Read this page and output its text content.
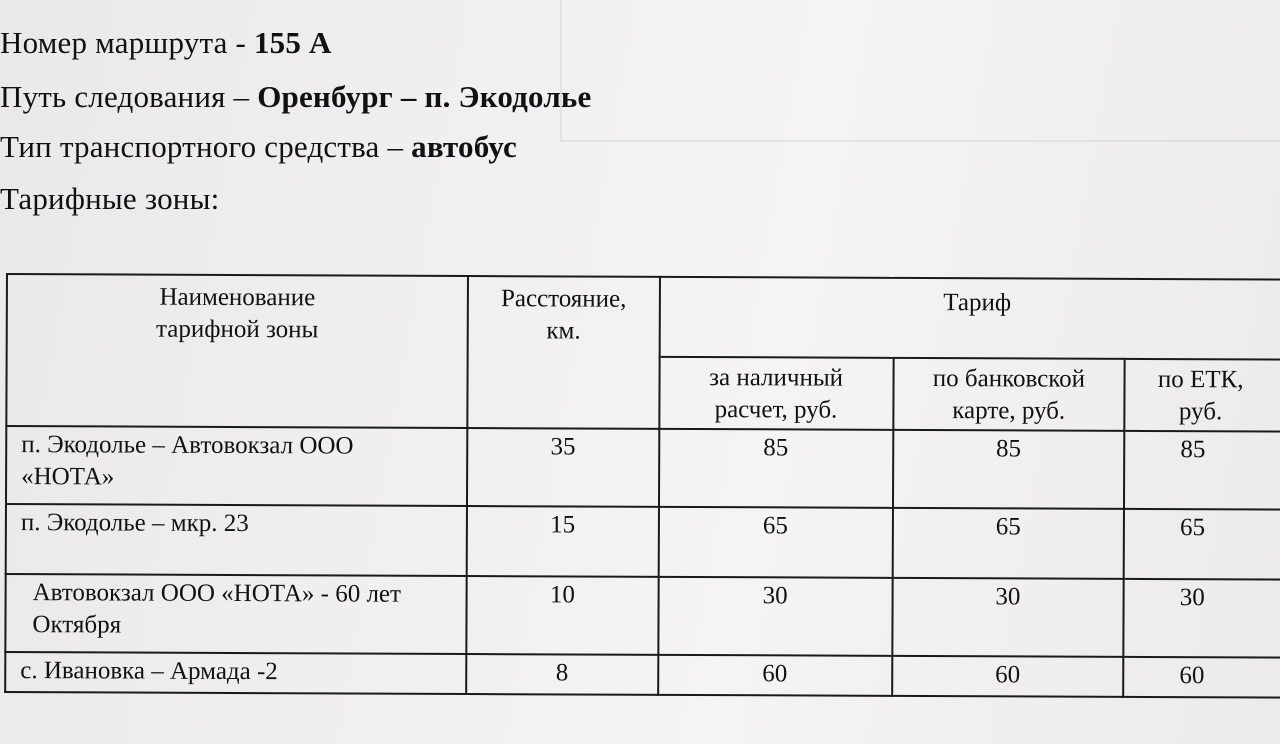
Номер маршрута - 155 А
Путь следования – Оренбург – п. Экодолье
Тип транспортного средства – автобус
Тарифные зоны:
Наименование тарифной зоны	Расстояние, км.	Тариф		

		за наличный расчет, руб.	по банковской карте, руб.	по ЕТК, руб.

п. Экодолье – Автовокзал ООО «НОТА»	35	85	85	85

п. Экодолье – мкр. 23	15	65	65	65

Автовокзал ООО «НОТА» - 60 лет Октября	10	30	30	30

с. Ивановка – Армада -2	8	60	60	60
